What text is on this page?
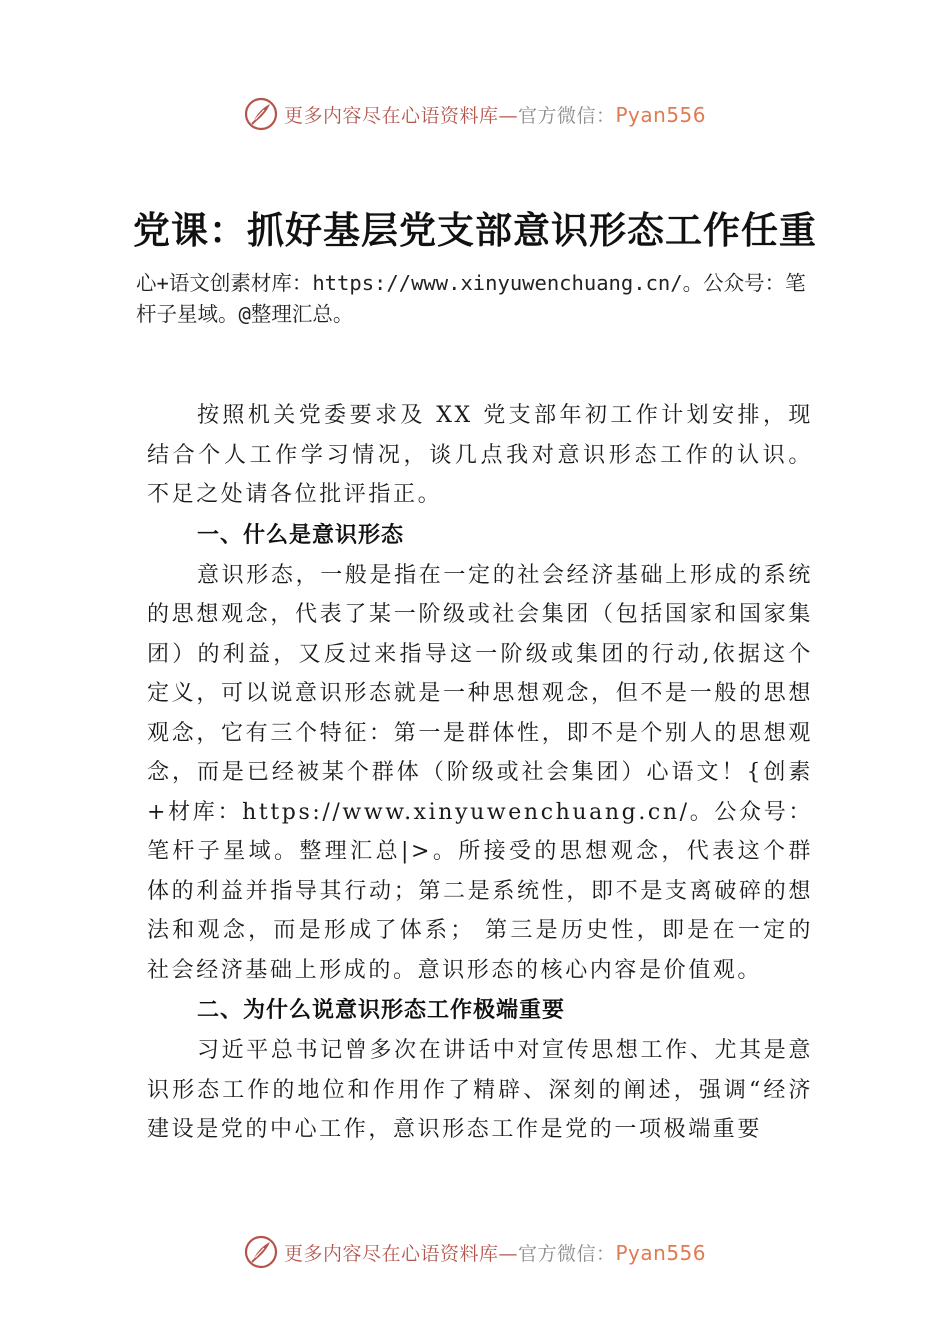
更多内容尽在心语资料库—官方微信：Pyan556
党课：抓好基层党支部意识形态工作任重

心+语文创素材库：https://www.xinyuwenchuang.cn/。公众号：笔杆子星域。@整理汇总。

按照机关党委要求及 XX 党支部年初工作计划安排，现结合个人工作学习情况，谈几点我对意识形态工作的认识。 不足之处请各位批评指正。

一、什么是意识形态

意识形态，一般是指在一定的社会经济基础上形成的系统的思想观念，代表了某一阶级或社会集团（包括国家和国家集团）的利益，又反过来指导这一阶级或集团的行动,依据这个定义，可以说意识形态就是一种思想观念，但不是一般的思想观念，它有三个特征：第一是群体性，即不是个别人的思想观念，而是已经被某个群体（阶级或社会集团）心语文！{创素+材库：https://www.xinyuwenchuang.cn/。公众号：笔杆子星域。整理汇总|>。所接受的思想观念，代表这个群体的利益并指导其行动；第二是系统性，即不是支离破碎的想法和观念，而是形成了体系； 第三是历史性，即是在一定的社会经济基础上形成的。意识形态的核心内容是价值观。

二、为什么说意识形态工作极端重要

习近平总书记曾多次在讲话中对宣传思想工作、尤其是意识形态工作的地位和作用作了精辟、深刻的阐述，强调“经济建设是党的中心工作，意识形态工作是党的一项极端重要

更多内容尽在心语资料库—官方微信：Pyan556
